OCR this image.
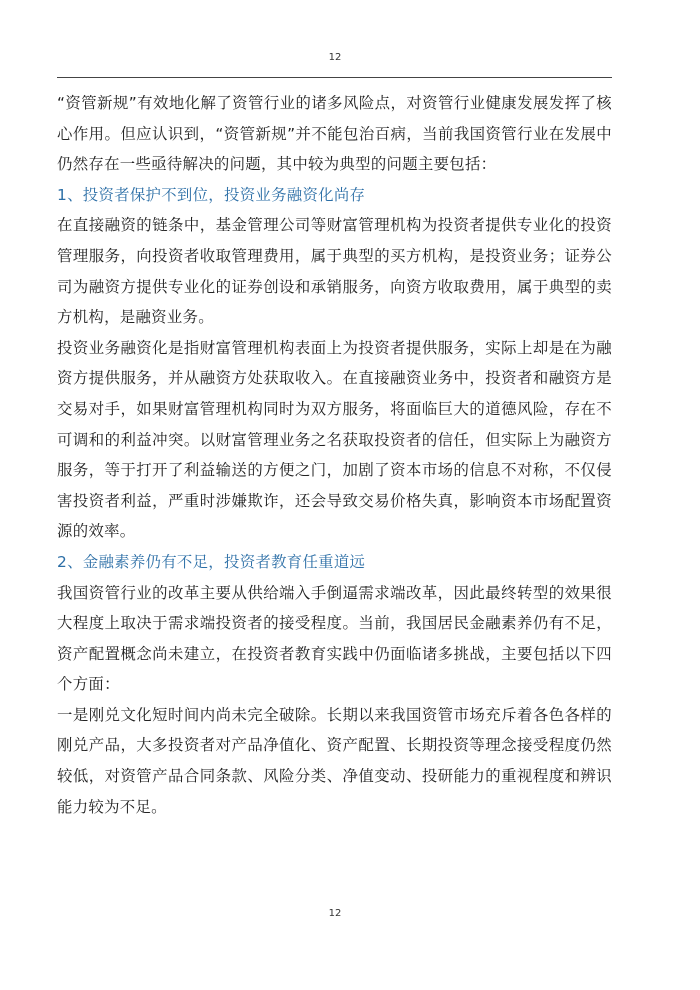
12

“资管新规”有效地化解了资管行业的诸多风险点，对资管行业健康发展发挥了核心作用。但应认识到，“资管新规”并不能包治百病，当前我国资管行业在发展中仍然存在一些亟待解决的问题，其中较为典型的问题主要包括：

1、投资者保护不到位，投资业务融资化尚存

在直接融资的链条中，基金管理公司等财富管理机构为投资者提供专业化的投资管理服务，向投资者收取管理费用，属于典型的买方机构，是投资业务；证券公司为融资方提供专业化的证券创设和承销服务，向资方收取费用，属于典型的卖方机构，是融资业务。

投资业务融资化是指财富管理机构表面上为投资者提供服务，实际上却是在为融资方提供服务，并从融资方处获取收入。在直接融资业务中，投资者和融资方是交易对手，如果财富管理机构同时为双方服务，将面临巨大的道德风险，存在不可调和的利益冲突。以财富管理业务之名获取投资者的信任，但实际上为融资方服务，等于打开了利益输送的方便之门，加剧了资本市场的信息不对称，不仅侵害投资者利益，严重时涉嫌欺诈，还会导致交易价格失真，影响资本市场配置资源的效率。

2、金融素养仍有不足，投资者教育任重道远

我国资管行业的改革主要从供给端入手倒逼需求端改革，因此最终转型的效果很大程度上取决于需求端投资者的接受程度。当前，我国居民金融素养仍有不足，资产配置概念尚未建立，在投资者教育实践中仍面临诸多挑战，主要包括以下四个方面：

一是刚兑文化短时间内尚未完全破除。长期以来我国资管市场充斥着各色各样的刚兑产品，大多投资者对产品净值化、资产配置、长期投资等理念接受程度仍然较低，对资管产品合同条款、风险分类、净值变动、投研能力的重视程度和辨识能力较为不足。

12
